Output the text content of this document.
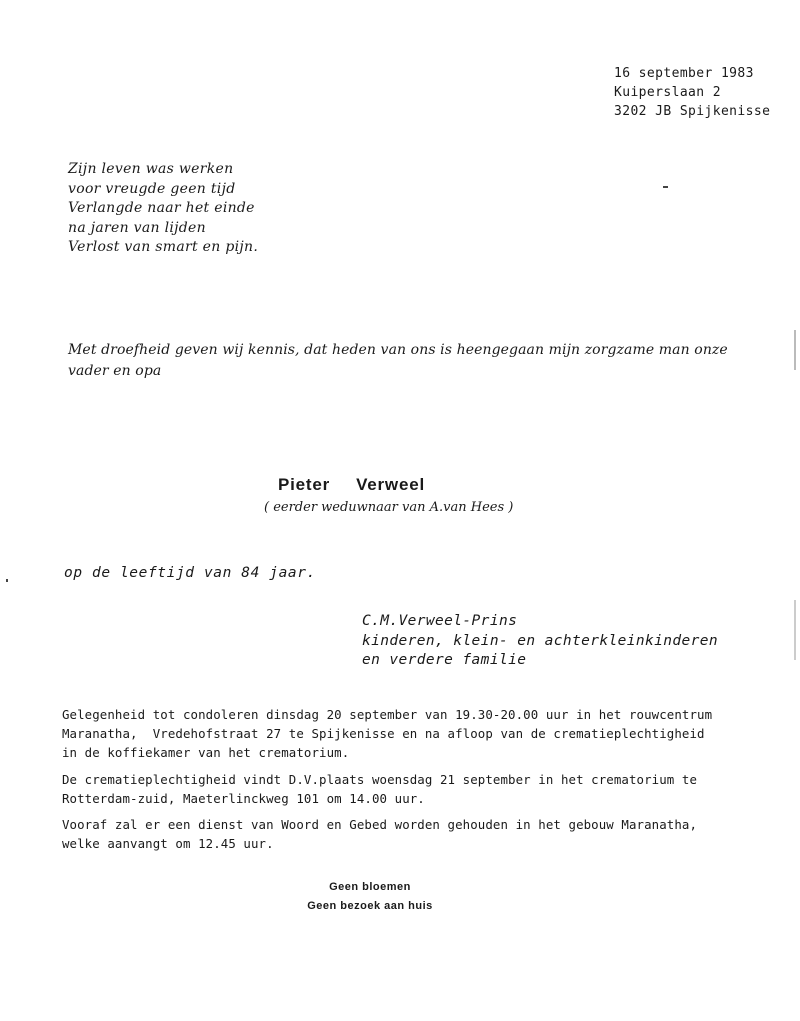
16 september 1983
Kuiperslaan 2
3202 JB Spijkenisse
Zijn leven was werken
voor vreugde geen tijd
Verlangde naar het einde
na jaren van lijden
Verlost van smart en pijn.
Met droefheid geven wij kennis, dat heden van ons is heengegaan mijn zorgzame man onze
vader en opa
Pieter Verweel
( eerder weduwnaar van A.van Hees )
op de leeftijd van 84 jaar.
C.M.Verweel-Prins
kinderen, klein- en achterkleinkinderen
en verdere familie
Gelegenheid tot condoleren dinsdag 20 september van 19.30-20.00 uur in het rouwcentrum
Maranatha,  Vredehofstraat 27 te Spijkenisse en na afloop van de crematieplechtigheid
in de koffiekamer van het crematorium.
De crematieplechtigheid vindt D.V.plaats woensdag 21 september in het crematorium te
Rotterdam-zuid, Maeterlinckweg 101 om 14.00 uur.
Vooraf zal er een dienst van Woord en Gebed worden gehouden in het gebouw Maranatha,
welke aanvangt om 12.45 uur.
Geen bloemen
Geen bezoek aan huis
